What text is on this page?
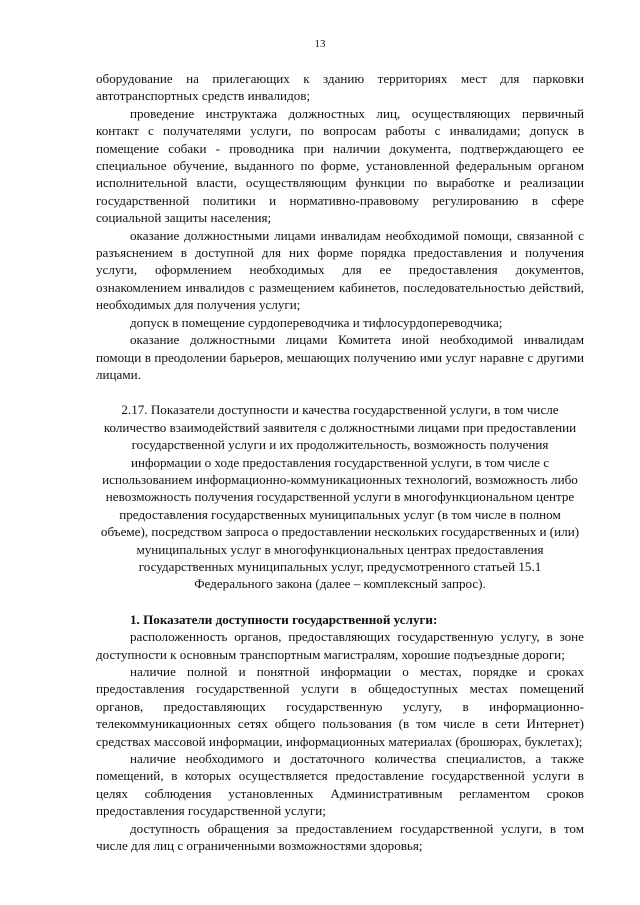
13

оборудование на прилегающих к зданию территориях мест для парковки автотранспортных средств инвалидов;

проведение инструктажа должностных лиц, осуществляющих первичный контакт с получателями услуги, по вопросам работы с инвалидами; допуск в помещение собаки - проводника при наличии документа, подтверждающего ее специальное обучение, выданного по форме, установленной федеральным органом исполнительной власти, осуществляющим функции по выработке и реализации государственной политики и нормативно-правовому регулированию в сфере социальной защиты населения;

оказание должностными лицами инвалидам необходимой помощи, связанной с разъяснением в доступной для них форме порядка предоставления и получения услуги, оформлением необходимых для ее предоставления документов, ознакомлением инвалидов с размещением кабинетов, последовательностью действий, необходимых для получения услуги;

допуск в помещение сурдопереводчика и тифлосурдопереводчика;

оказание должностными лицами Комитета иной необходимой инвалидам помощи в преодолении барьеров, мешающих получению ими услуг наравне с другими лицами.

2.17. Показатели доступности и качества государственной услуги, в том числе количество взаимодействий заявителя с должностными лицами при предоставлении государственной услуги и их продолжительность, возможность получения информации о ходе предоставления государственной услуги, в том числе с использованием информационно-коммуникационных технологий, возможность либо невозможность получения государственной услуги в многофункциональном центре предоставления государственных муниципальных услуг (в том числе в полном объеме), посредством запроса о предоставлении нескольких государственных и (или) муниципальных услуг в многофункциональных центрах предоставления государственных муниципальных услуг, предусмотренного статьей 15.1 Федерального закона (далее – комплексный запрос).

1. Показатели доступности государственной услуги:

расположенность органов, предоставляющих государственную услугу, в зоне доступности к основным транспортным магистралям, хорошие подъездные дороги;

наличие полной и понятной информации о местах, порядке и сроках предоставления государственной услуги в общедоступных местах помещений органов, предоставляющих государственную услугу, в информационно-телекоммуникационных сетях общего пользования (в том числе в сети Интернет) средствах массовой информации, информационных материалах (брошюрах, буклетах);

наличие необходимого и достаточного количества специалистов, а также помещений, в которых осуществляется предоставление государственной услуги в целях соблюдения установленных Административным регламентом сроков предоставления государственной услуги;

доступность обращения за предоставлением государственной услуги, в том числе для лиц с ограниченными возможностями здоровья;
